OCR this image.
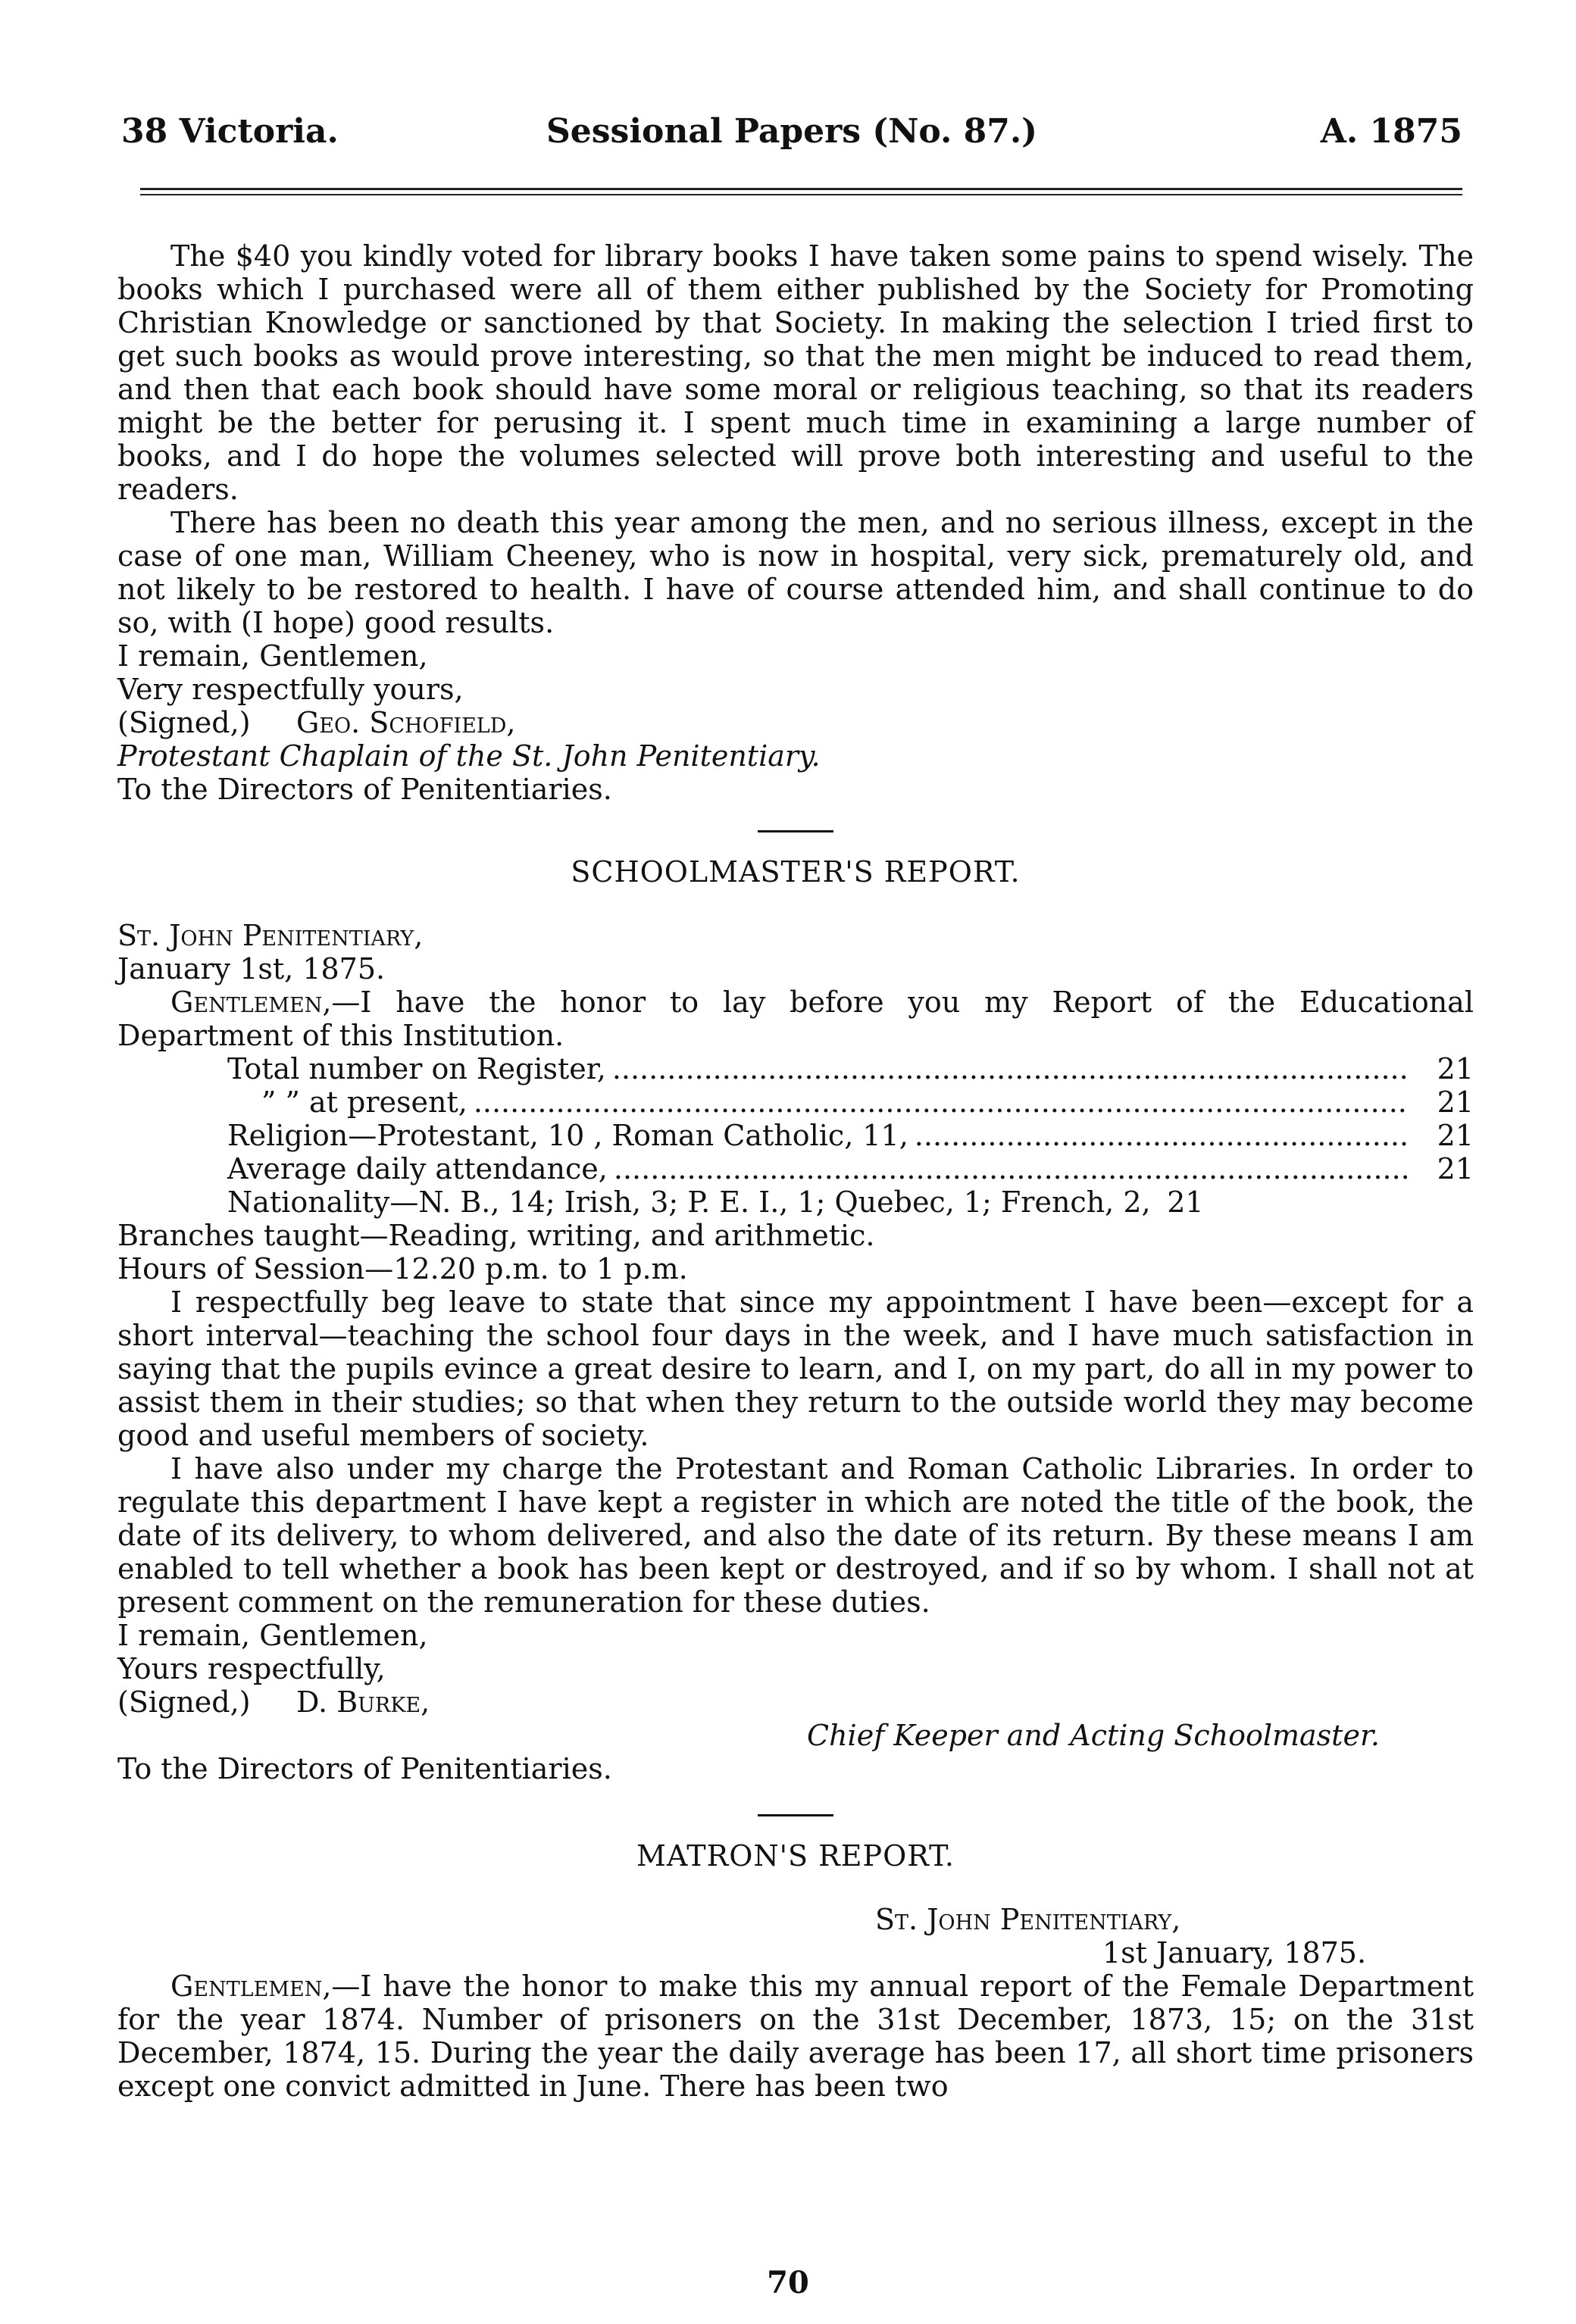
38 Victoria.	Sessional Papers (No. 87.)	A. 1875

The $40 you kindly voted for library books I have taken some pains to spend wisely. The books which I purchased were all of them either published by the Society for Promoting Christian Knowledge or sanctioned by that Society. In making the selection I tried first to get such books as would prove interesting, so that the men might be induced to read them, and then that each book should have some moral or religious teaching, so that its readers might be the better for perusing it. I spent much time in examining a large number of books, and I do hope the volumes selected will prove both interesting and useful to the readers.

There has been no death this year among the men, and no serious illness, except in the case of one man, William Cheeney, who is now in hospital, very sick, prematurely old, and not likely to be restored to health. I have of course attended him, and shall continue to do so, with (I hope) good results.

I remain, Gentlemen,

Very respectfully yours,

(Signed,) Geo. Schofield,

Protestant Chaplain of the St. John Penitentiary.

To the Directors of Penitentiaries.

SCHOOLMASTER'S REPORT.

St. John Penitentiary,

January 1st, 1875.

Gentlemen,—I have the honor to lay before you my Report of the Educational Department of this Institution.

Total number on Register, .....	21
” ” at present, .....	21
Religion—Protestant, 10 , Roman Catholic, 11, .....	21
Average daily attendance, .....	21
Nationality—N. B., 14; Irish, 3; P. E. I., 1; Quebec, 1; French, 2, 21

Branches taught—Reading, writing, and arithmetic.

Hours of Session—12.20 p.m. to 1 p.m.

I respectfully beg leave to state that since my appointment I have been—except for a short interval—teaching the school four days in the week, and I have much satisfaction in saying that the pupils evince a great desire to learn, and I, on my part, do all in my power to assist them in their studies; so that when they return to the outside world they may become good and useful members of society.

I have also under my charge the Protestant and Roman Catholic Libraries. In order to regulate this department I have kept a register in which are noted the title of the book, the date of its delivery, to whom delivered, and also the date of its return. By these means I am enabled to tell whether a book has been kept or destroyed, and if so by whom. I shall not at present comment on the remuneration for these duties.

I remain, Gentlemen,

Yours respectfully,

(Signed,) D. Burke,

Chief Keeper and Acting Schoolmaster.

To the Directors of Penitentiaries.

MATRON'S REPORT.

St. John Penitentiary,

1st January, 1875.

Gentlemen,—I have the honor to make this my annual report of the Female Department for the year 1874. Number of prisoners on the 31st December, 1873, 15; on the 31st December, 1874, 15. During the year the daily average has been 17, all short time prisoners except one convict admitted in June. There has been two

70
